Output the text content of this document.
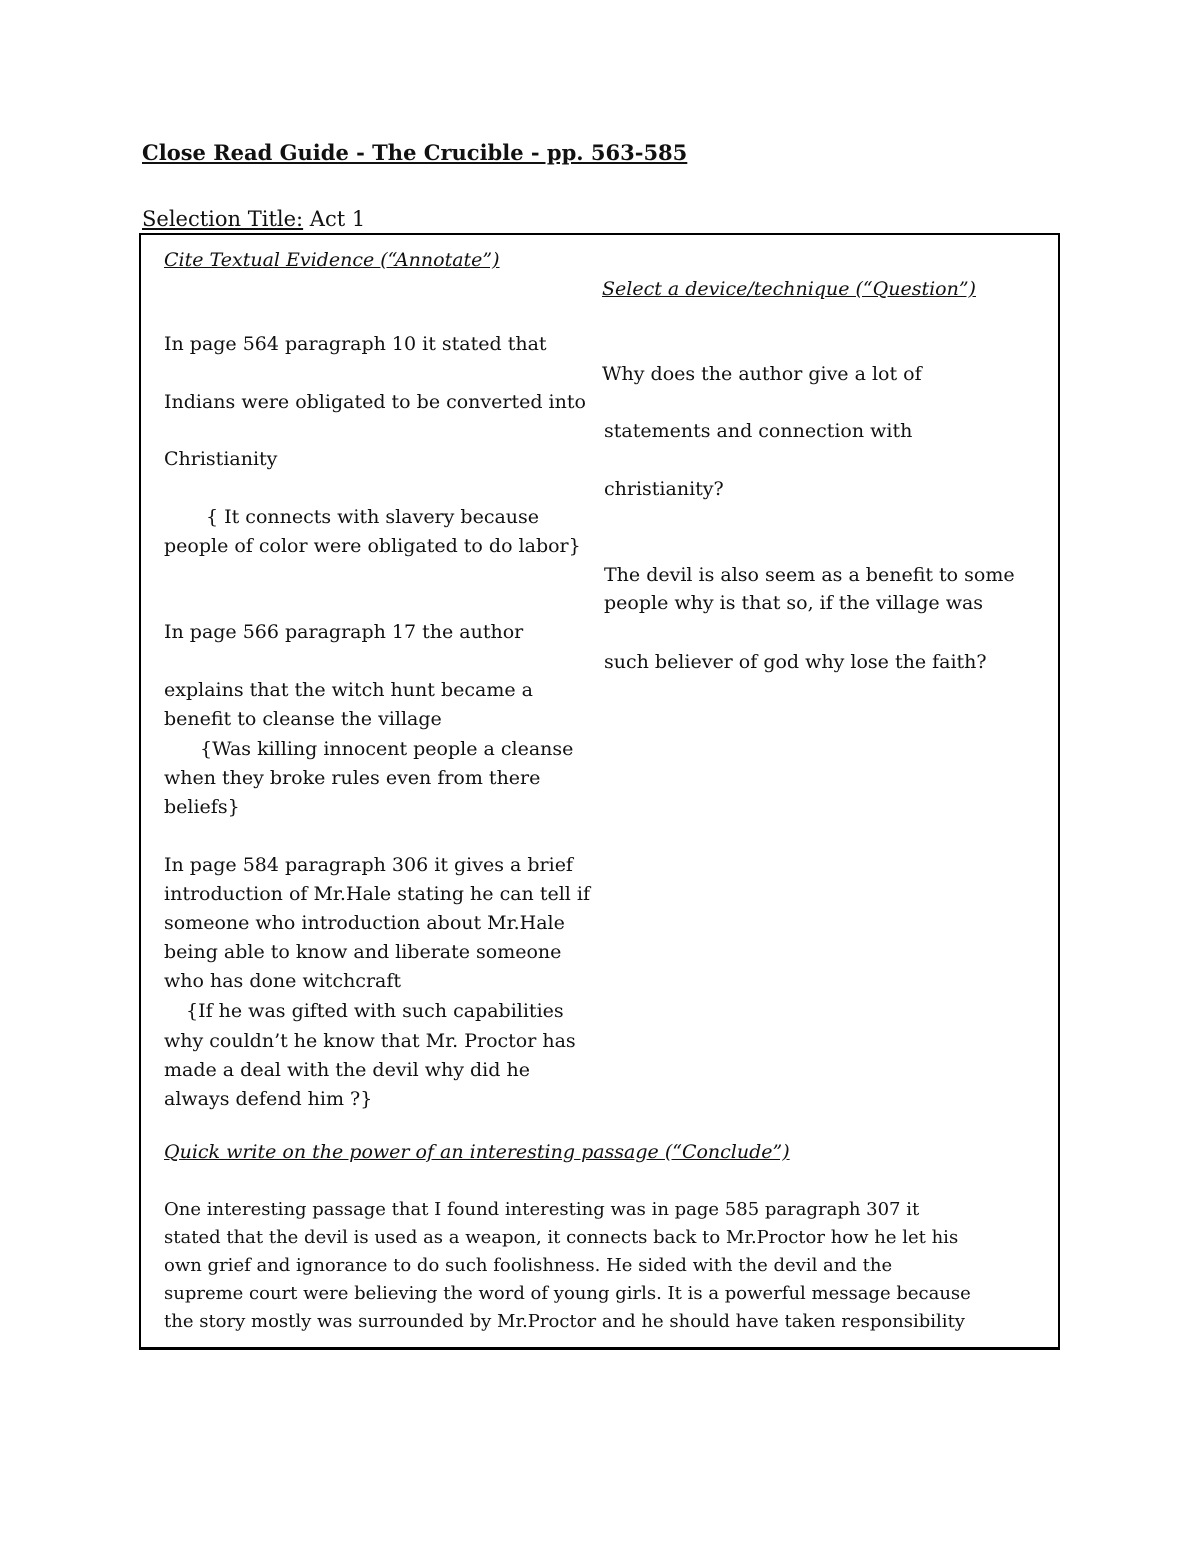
Close Read Guide - The Crucible - pp. 563-585
Selection Title: Act 1
Cite Textual Evidence (“Annotate”)
In page 564 paragraph 10 it stated that
Indians were obligated to be converted into
Christianity
{ It connects with slavery because
people of color were obligated to do labor}
In page 566 paragraph 17 the author
explains that the witch hunt became a
benefit to cleanse the village
{Was killing innocent people a cleanse
when they broke rules even from there
beliefs}
In page 584 paragraph 306 it gives a brief
introduction of Mr.Hale stating he can tell if
someone who introduction about Mr.Hale
being able to know and liberate someone
who has done witchcraft
{If he was gifted with such capabilities
why couldn’t he know that Mr. Proctor has
made a deal with the devil why did he
always defend him ?}
Select a device/technique (“Question”)
Why does the author give a lot of
statements and connection with
christianity?
The devil is also seem as a benefit to some
people why is that so, if the village was
such believer of god why lose the faith?
Quick write on the power of an interesting passage (“Conclude”)
One interesting passage that I found interesting was in page 585 paragraph 307 it
stated that the devil is used as a weapon, it connects back to Mr.Proctor how he let his
own grief and ignorance to do such foolishness. He sided with the devil and the
supreme court were believing the word of young girls. It is a powerful message because
the story mostly was surrounded by Mr.Proctor and he should have taken responsibility
